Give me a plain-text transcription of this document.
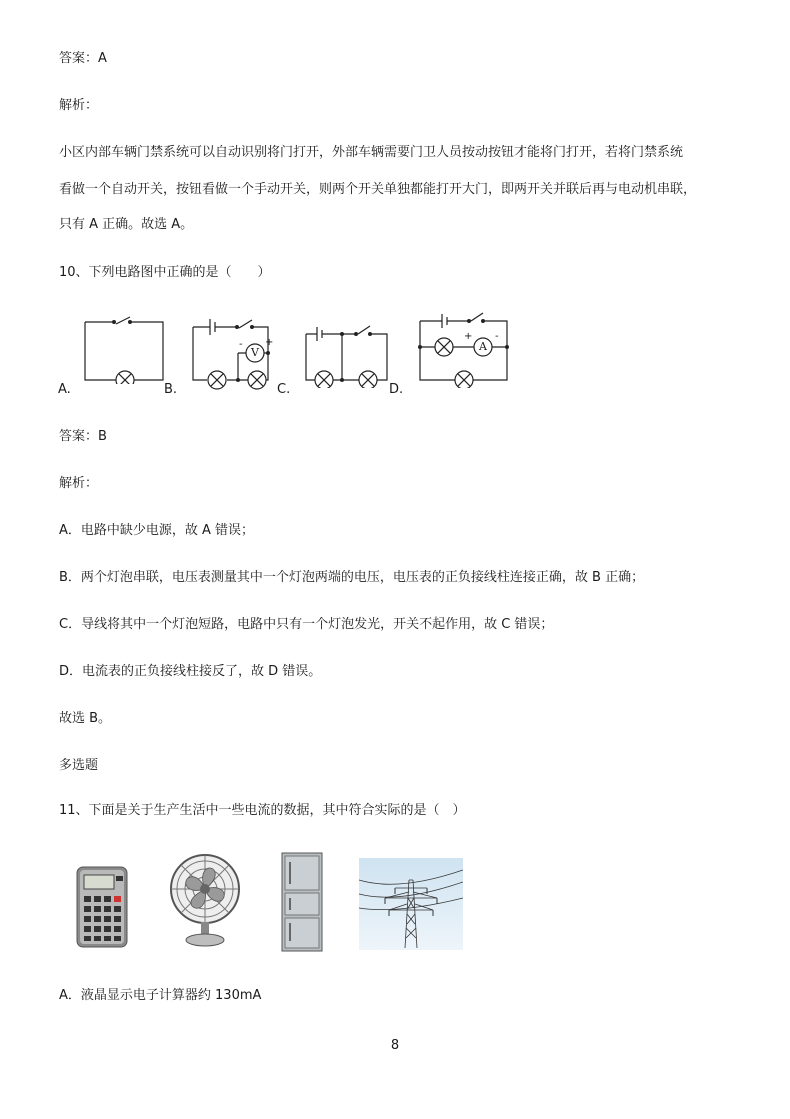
答案：A
解析：
小区内部车辆门禁系统可以自动识别将门打开，外部车辆需要门卫人员按动按钮才能将门打开，若将门禁系统
看做一个自动开关，按钮看做一个手动开关，则两个开关单独都能打开大门，即两开关并联后再与电动机串联，
只有 A 正确。故选 A。
10、下列电路图中正确的是（　　）
A.	B.
V
+
-
C.	D.
A
+ -
答案：B
解析：
A．电路中缺少电源，故 A 错误；
B．两个灯泡串联，电压表测量其中一个灯泡两端的电压，电压表的正负接线柱连接正确，故 B 正确；
C．导线将其中一个灯泡短路，电路中只有一个灯泡发光，开关不起作用，故 C 错误；
D．电流表的正负接线柱接反了，故 D 错误。
故选 B。
多选题
11、下面是关于生产生活中一些电流的数据，其中符合实际的是（　）
A．液晶显示电子计算器约 130mA
8
